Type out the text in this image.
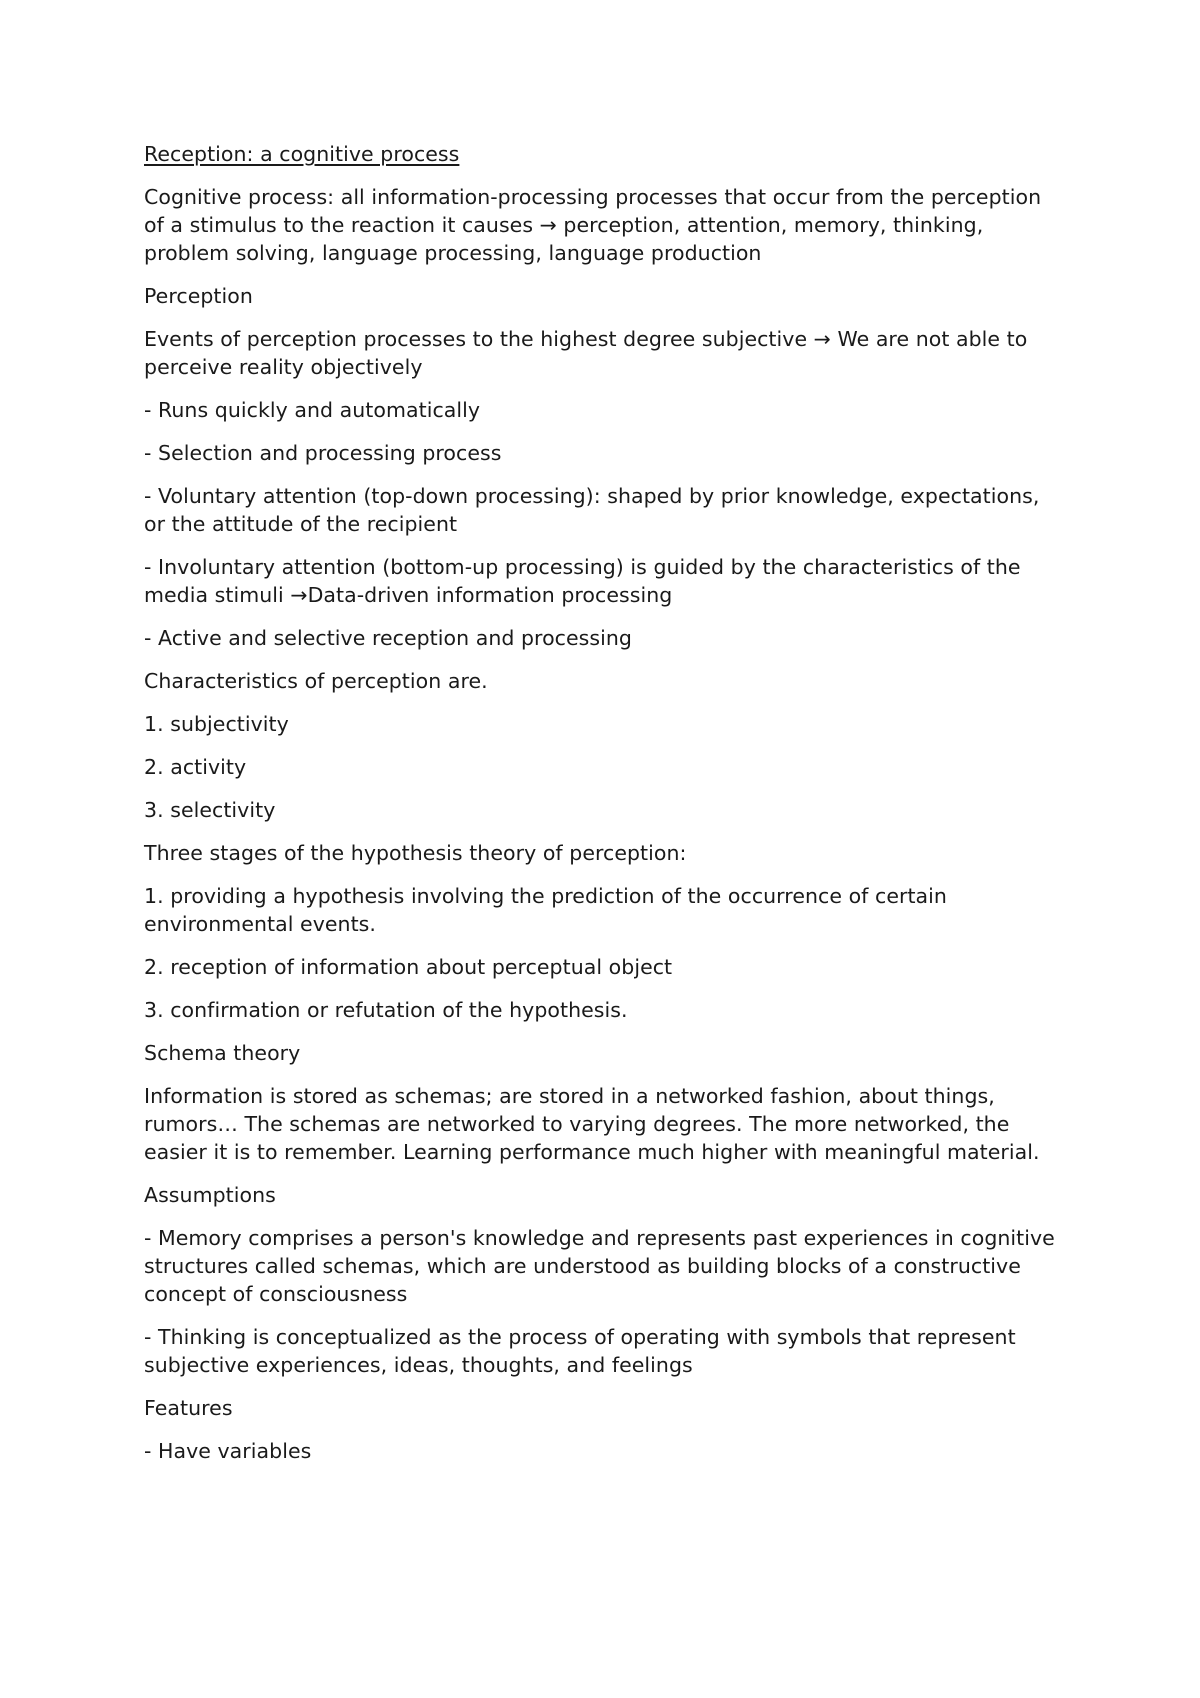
Reception: a cognitive process

Cognitive process: all information-processing processes that occur from the perception of a stimulus to the reaction it causes → perception, attention, memory, thinking, problem solving, language processing, language production

Perception

Events of perception processes to the highest degree subjective → We are not able to perceive reality objectively

- Runs quickly and automatically

- Selection and processing process

- Voluntary attention (top-down processing): shaped by prior knowledge, expectations, or the attitude of the recipient

- Involuntary attention (bottom-up processing) is guided by the characteristics of the media stimuli →Data-driven information processing

- Active and selective reception and processing

Characteristics of perception are.

1. subjectivity

2. activity

3. selectivity

Three stages of the hypothesis theory of perception:

1. providing a hypothesis involving the prediction of the occurrence of certain environmental events.

2. reception of information about perceptual object

3. confirmation or refutation of the hypothesis.

Schema theory

Information is stored as schemas; are stored in a networked fashion, about things, rumors… The schemas are networked to varying degrees. The more networked, the easier it is to remember. Learning performance much higher with meaningful material.

Assumptions

- Memory comprises a person's knowledge and represents past experiences in cognitive structures called schemas, which are understood as building blocks of a constructive concept of consciousness

- Thinking is conceptualized as the process of operating with symbols that represent subjective experiences, ideas, thoughts, and feelings

Features

- Have variables
